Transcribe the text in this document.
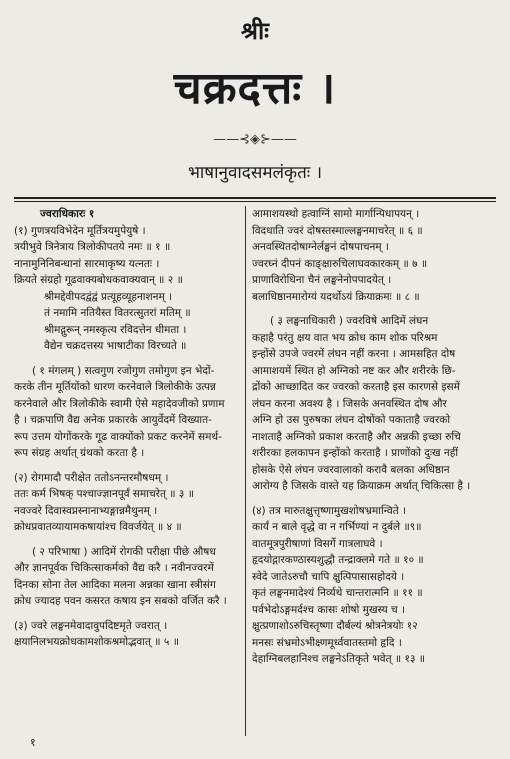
श्रीः
चक्रदत्तः ।
——⊰◈⊱——
भाषानुवादसमलंकृतः ।
ज्वराधिकारः १
(१) गुणत्रयविभेदेन मूर्तित्रयमुपेयुषे ।
त्रयीभुवे त्रिनेत्राय त्रिलोकीपतये नमः ॥ १ ॥
नानामुनिनिबन्धानां सारमाकृष्य यत्नतः ।
क्रियते संग्रहो गूढवाक्यबोधकवाक्यवान् ॥ २ ॥
श्रीमद्देवीपदद्वंद्वं प्रत्यूहव्यूहनाशनम् ।
तं नमामि नतियैस्त वितरत्सुतरां मतिम् ॥
श्रीमद्गुरून् नमस्कृत्य रविदत्तेन धीमता ।
वैद्येन चक्रदत्तस्य भाषाटीका विरच्यते ॥
( १ मंगलम् ) सत्वगुण रजोगुण तमोगुण इन भेदों-
करके तीन मूर्तियोंको धारण करनेवाले त्रिलोकीके उत्पन्न
करनेवाले और त्रिलोकीके स्वामी ऐसे महादेवजीको प्रणाम
है । चक्रपाणि वैद्य अनेक प्रकारके आयुर्वेदमें विख्यात-
रूप उत्तम योगोंकरके गूढ वाक्योंको प्रकट करनेमें समर्थ-
रूप संग्रह अर्थात् ग्रंथको करता है ।
(२) रोगमादौ परीक्षेत ततोऽनन्तरमौषधम् ।
ततः कर्म भिषक् पश्चाज्ज्ञानपूर्वं समाचरेत् ॥ ३ ॥
नवज्वरे दिवास्वप्नस्नानाभ्यङ्गान्नमैथुनम् ।
क्रोधप्रवातव्यायामकषायांश्च विवर्जयेत् ॥ ४ ॥
( २ परिभाषा ) आदिमें रोगकी परीक्षा पीछे औषध
और ज्ञानपूर्वक चिकित्साकर्मको वैद्य करै । नवीनज्वरमें
दिनका सोना तेल आदिका मलना अन्नका खाना स्त्रीसंग
क्रोध ज्यादह पवन कसरत कषाय इन सबको वर्जित करै ।
(३) ज्वरे लङ्घनमेवादावुपदिष्टमृते ज्वरात् ।
क्षयानिलभयक्रोधकामशोकश्रमोद्भवात् ॥ ५ ॥
आमाशयस्थो हत्वाग्निं सामो मार्गान्पिधापयन् ।
विदधाति ज्वरं दोषस्तस्माल्लङ्घनमाचरेत् ॥ ६ ॥
अनवस्थितदोषाग्नेर्लङ्घनं दोषपाचनम् ।
ज्वरघ्नं दीपनं काङ्क्षारुचिलाघवकारकम् ॥ ७ ॥
प्राणाविरोधिना चैनं लङ्घनेनोपपादयेत् ।
बलाधिष्ठानमारोग्यं यदर्थोऽयं क्रियाक्रमः ॥ ८ ॥
( ३ लङ्घनाधिकारी ) ज्वरविषे आदिमें लंघन
कहाहै परंतु क्षय वात भय क्रोध काम शोक परिश्रम
इन्होंसे उपजे ज्वरमें लंघन नहीं करना । आमसहित दोष
आमाशयमें स्थित हो अग्निको नष्ट कर और शरीरके छि-
द्रोंको आच्छादित कर ज्वरको करताहै इस कारणसे इसमें
लंघन करना अवश्य है । जिसके अनवस्थित दोष और
अग्नि हो उस पुरुषका लंघन दोषोंको पकाताहै ज्वरको
नाशताहै अग्निको प्रकाश करताहै और अन्नकी इच्छा रुचि
शरीरका हलकापन इन्होंको करताहै । प्राणोंको दुःख नहीं
होसके ऐसे लंघन ज्वरवालाको करावै बलका अधिष्ठान
आरोग्य है जिसके वास्ते यह क्रियाक्रम अर्थात् चिकित्सा है ।
(४) तत्र मारुतक्षुत्तृष्णामुखशोषभ्रमान्विते ।
कार्यं न बाले वृद्धे वा न गर्भिण्यां न दुर्बले ॥९॥
वातमूत्रपुरीषाणां विसर्गे गात्रलाघवे ।
हृदयोद्गारकण्ठास्यशुद्धौ तन्द्राक्लमे गते ॥ १० ॥
स्वेदे जातेऽरुचौ चापि क्षुत्पिपासासहोदये ।
कृतं लङ्घनमादेश्यं निर्व्यथे चान्तरात्मनि ॥ ११ ॥
पर्वभेदोऽङ्गमर्दश्च कासः शोषो मुखस्य च ।
क्षुत्प्रणाशोऽरुचिस्तृष्णा दौर्बल्यं श्रोत्रनेत्रयोः १२
मनसः संभ्रमोऽभीक्ष्णमूर्ध्ववातस्तमो हृदि ।
देहाग्निबलहानिश्च लङ्घनेऽतिकृते भवेत् ॥ १३ ॥
१
